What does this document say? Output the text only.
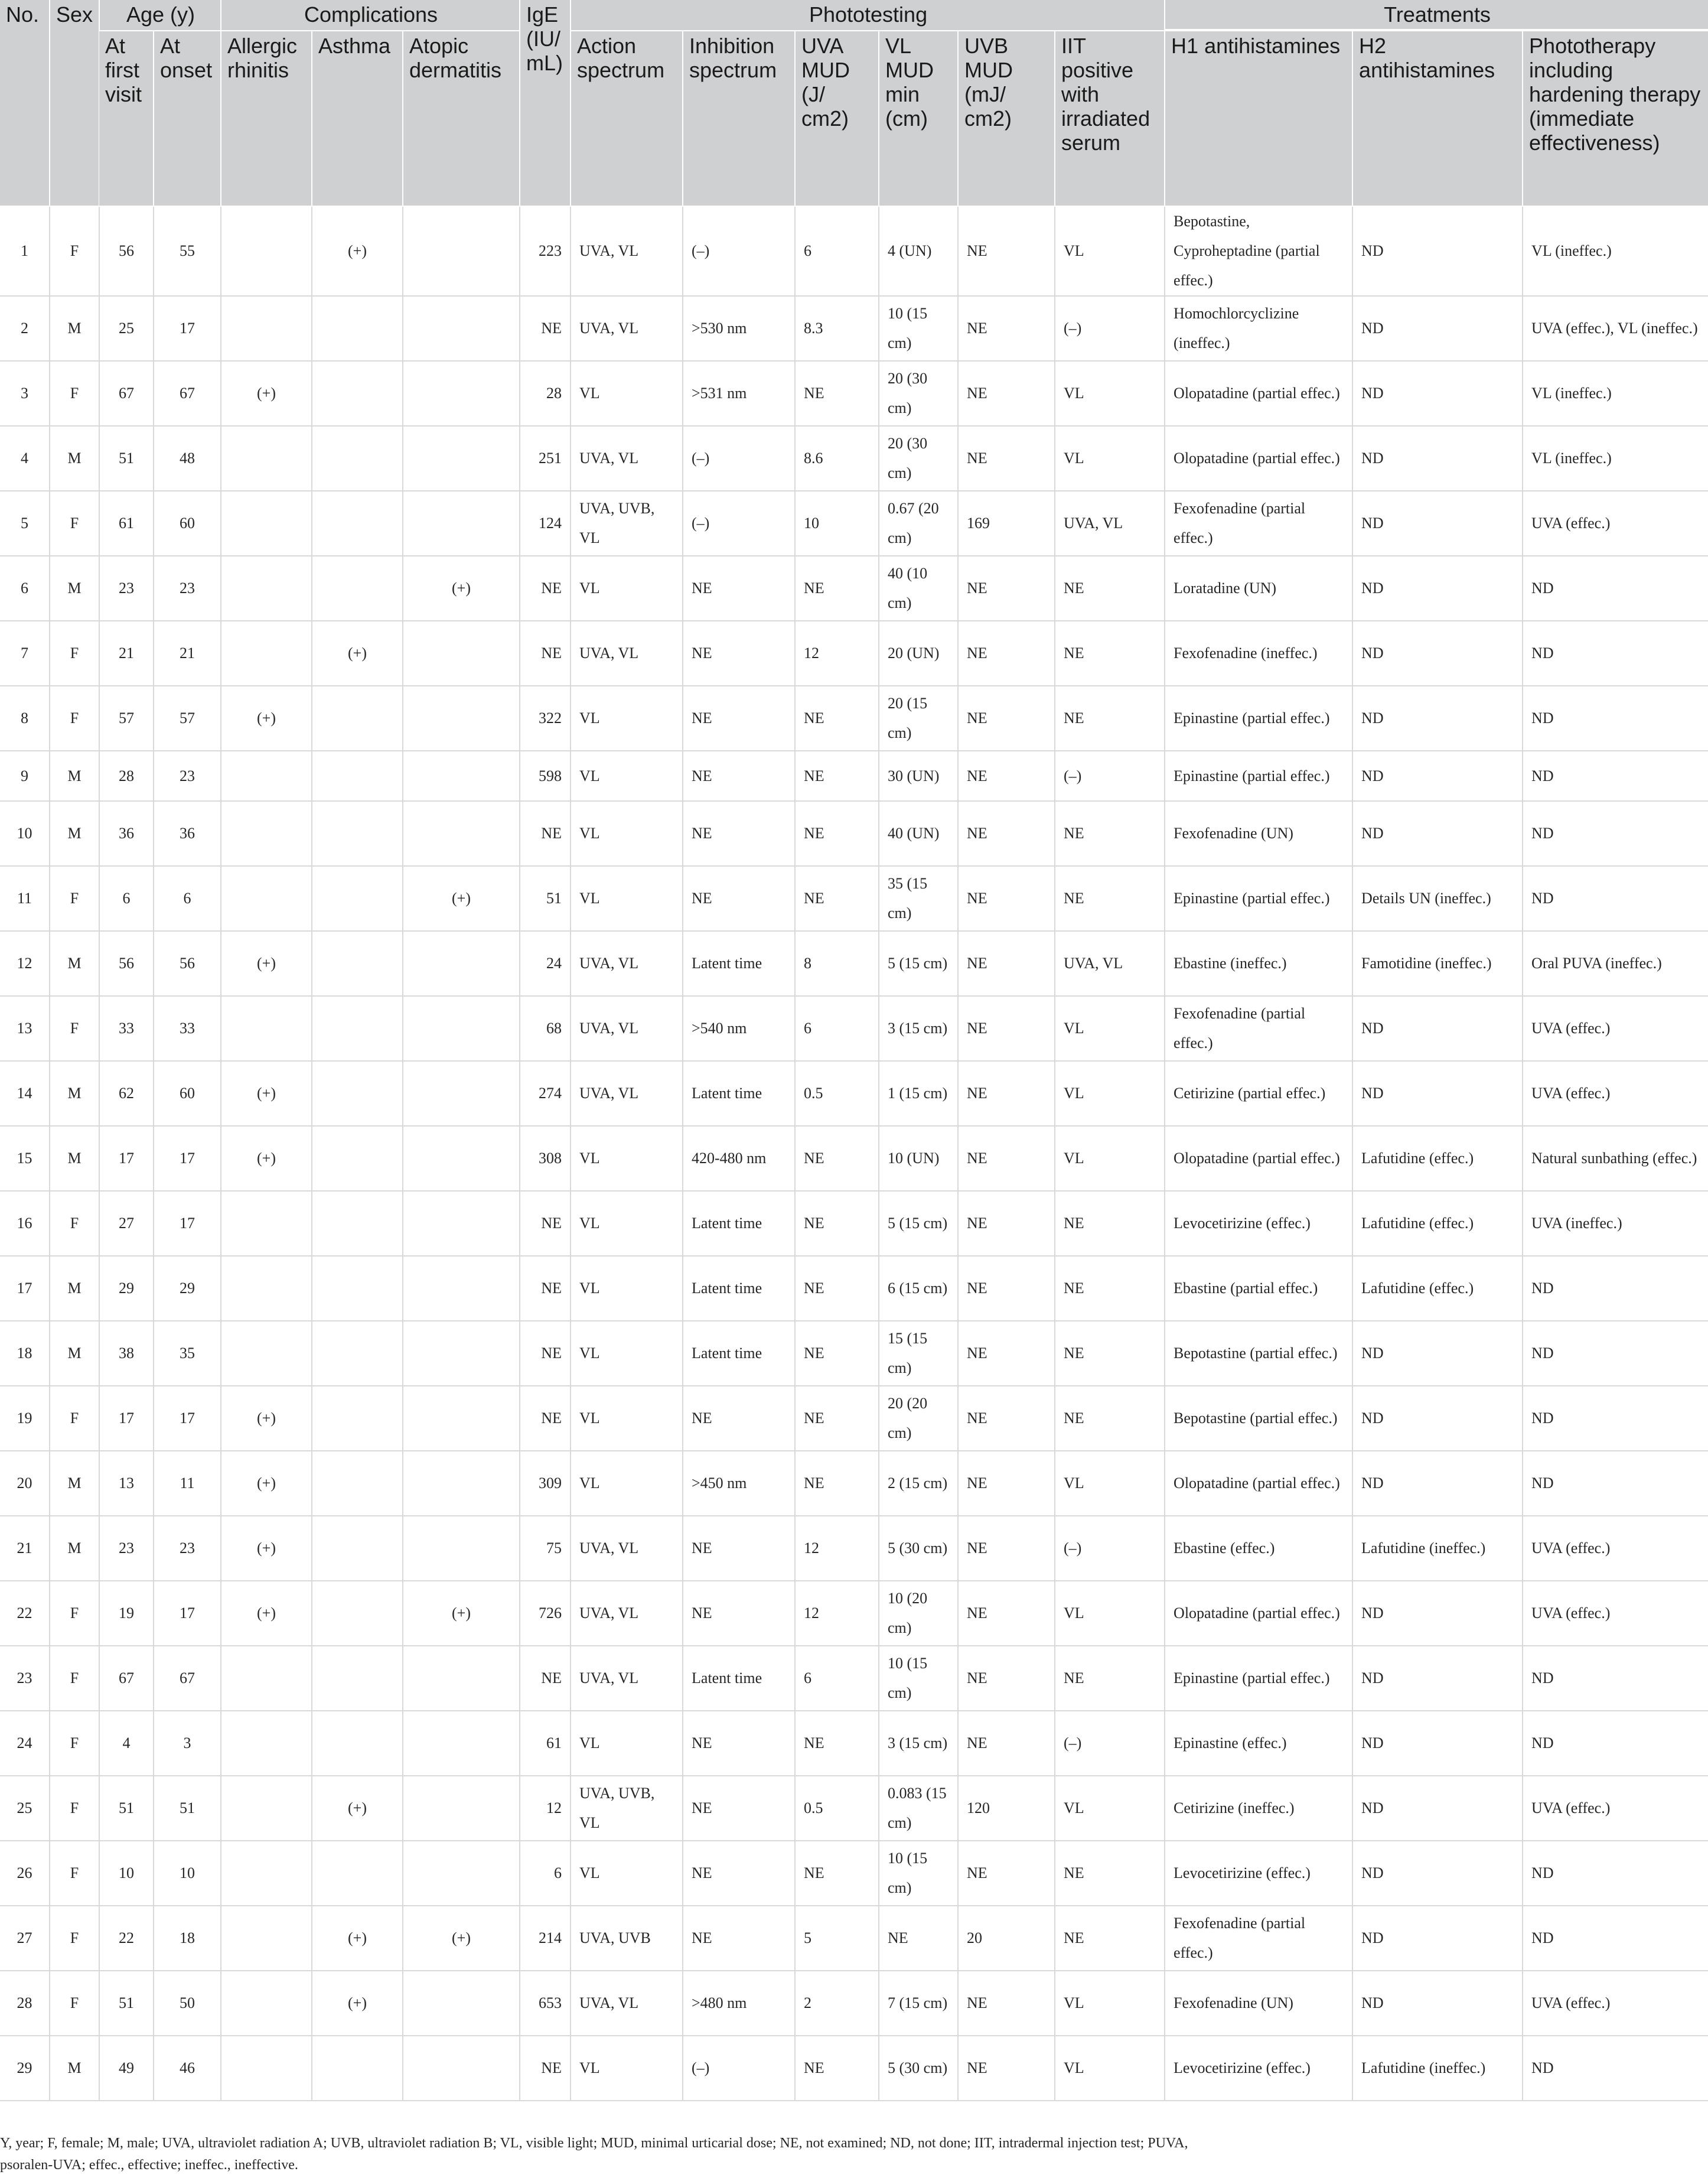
No.	Sex	Age (y)		Complications			IgE (IU/ mL)	Phototesting						Treatments		

		At first visit	At onset	Allergic rhinitis	Asthma	Atopic dermatitis		Action spectrum	Inhibition spectrum	UVA MUD (J/ cm2)	VL MUD min (cm)	UVB MUD (mJ/ cm2)	IIT positive with irradiated serum	H1 antihistamines	H2 antihistamines	Phototherapy including hardening therapy (immediate effectiveness)
1	F	56	55		(+)		223	UVA, VL	(–)	6	4 (UN)	NE	VL	Bepotastine, Cyproheptadine (partial effec.)	ND	VL (ineffec.)
2	M	25	17				NE	UVA, VL	>530 nm	8.3	10 (15 cm)	NE	(–)	Homochlorcyclizine (ineffec.)	ND	UVA (effec.), VL (ineffec.)
3	F	67	67	(+)			28	VL	>531 nm	NE	20 (30 cm)	NE	VL	Olopatadine (partial effec.)	ND	VL (ineffec.)
4	M	51	48				251	UVA, VL	(–)	8.6	20 (30 cm)	NE	VL	Olopatadine (partial effec.)	ND	VL (ineffec.)
5	F	61	60				124	UVA, UVB, VL	(–)	10	0.67 (20 cm)	169	UVA, VL	Fexofenadine (partial effec.)	ND	UVA (effec.)
6	M	23	23			(+)	NE	VL	NE	NE	40 (10 cm)	NE	NE	Loratadine (UN)	ND	ND
7	F	21	21		(+)		NE	UVA, VL	NE	12	20 (UN)	NE	NE	Fexofenadine (ineffec.)	ND	ND
8	F	57	57	(+)			322	VL	NE	NE	20 (15 cm)	NE	NE	Epinastine (partial effec.)	ND	ND
9	M	28	23				598	VL	NE	NE	30 (UN)	NE	(–)	Epinastine (partial effec.)	ND	ND
10	M	36	36				NE	VL	NE	NE	40 (UN)	NE	NE	Fexofenadine (UN)	ND	ND
11	F	6	6			(+)	51	VL	NE	NE	35 (15 cm)	NE	NE	Epinastine (partial effec.)	Details UN (ineffec.)	ND
12	M	56	56	(+)			24	UVA, VL	Latent time	8	5 (15 cm)	NE	UVA, VL	Ebastine (ineffec.)	Famotidine (ineffec.)	Oral PUVA (ineffec.)
13	F	33	33				68	UVA, VL	>540 nm	6	3 (15 cm)	NE	VL	Fexofenadine (partial effec.)	ND	UVA (effec.)
14	M	62	60	(+)			274	UVA, VL	Latent time	0.5	1 (15 cm)	NE	VL	Cetirizine (partial effec.)	ND	UVA (effec.)
15	M	17	17	(+)			308	VL	420-480 nm	NE	10 (UN)	NE	VL	Olopatadine (partial effec.)	Lafutidine (effec.)	Natural sunbathing (effec.)
16	F	27	17				NE	VL	Latent time	NE	5 (15 cm)	NE	NE	Levocetirizine (effec.)	Lafutidine (effec.)	UVA (ineffec.)
17	M	29	29				NE	VL	Latent time	NE	6 (15 cm)	NE	NE	Ebastine (partial effec.)	Lafutidine (effec.)	ND
18	M	38	35				NE	VL	Latent time	NE	15 (15 cm)	NE	NE	Bepotastine (partial effec.)	ND	ND
19	F	17	17	(+)			NE	VL	NE	NE	20 (20 cm)	NE	NE	Bepotastine (partial effec.)	ND	ND
20	M	13	11	(+)			309	VL	>450 nm	NE	2 (15 cm)	NE	VL	Olopatadine (partial effec.)	ND	ND
21	M	23	23	(+)			75	UVA, VL	NE	12	5 (30 cm)	NE	(–)	Ebastine (effec.)	Lafutidine (ineffec.)	UVA (effec.)
22	F	19	17	(+)		(+)	726	UVA, VL	NE	12	10 (20 cm)	NE	VL	Olopatadine (partial effec.)	ND	UVA (effec.)
23	F	67	67				NE	UVA, VL	Latent time	6	10 (15 cm)	NE	NE	Epinastine (partial effec.)	ND	ND
24	F	4	3				61	VL	NE	NE	3 (15 cm)	NE	(–)	Epinastine (effec.)	ND	ND
25	F	51	51		(+)		12	UVA, UVB, VL	NE	0.5	0.083 (15 cm)	120	VL	Cetirizine (ineffec.)	ND	UVA (effec.)
26	F	10	10				6	VL	NE	NE	10 (15 cm)	NE	NE	Levocetirizine (effec.)	ND	ND
27	F	22	18		(+)	(+)	214	UVA, UVB	NE	5	NE	20	NE	Fexofenadine (partial effec.)	ND	ND
28	F	51	50		(+)		653	UVA, VL	>480 nm	2	7 (15 cm)	NE	VL	Fexofenadine (UN)	ND	UVA (effec.)
29	M	49	46				NE	VL	(–)	NE	5 (30 cm)	NE	VL	Levocetirizine (effec.)	Lafutidine (ineffec.)	ND
Y, year; F, female; M, male; UVA, ultraviolet radiation A; UVB, ultraviolet radiation B; VL, visible light; MUD, minimal urticarial dose; NE, not examined; ND, not done; IIT, intradermal injection test; PUVA, psoralen-UVA; effec., effective; ineffec., ineffective.
